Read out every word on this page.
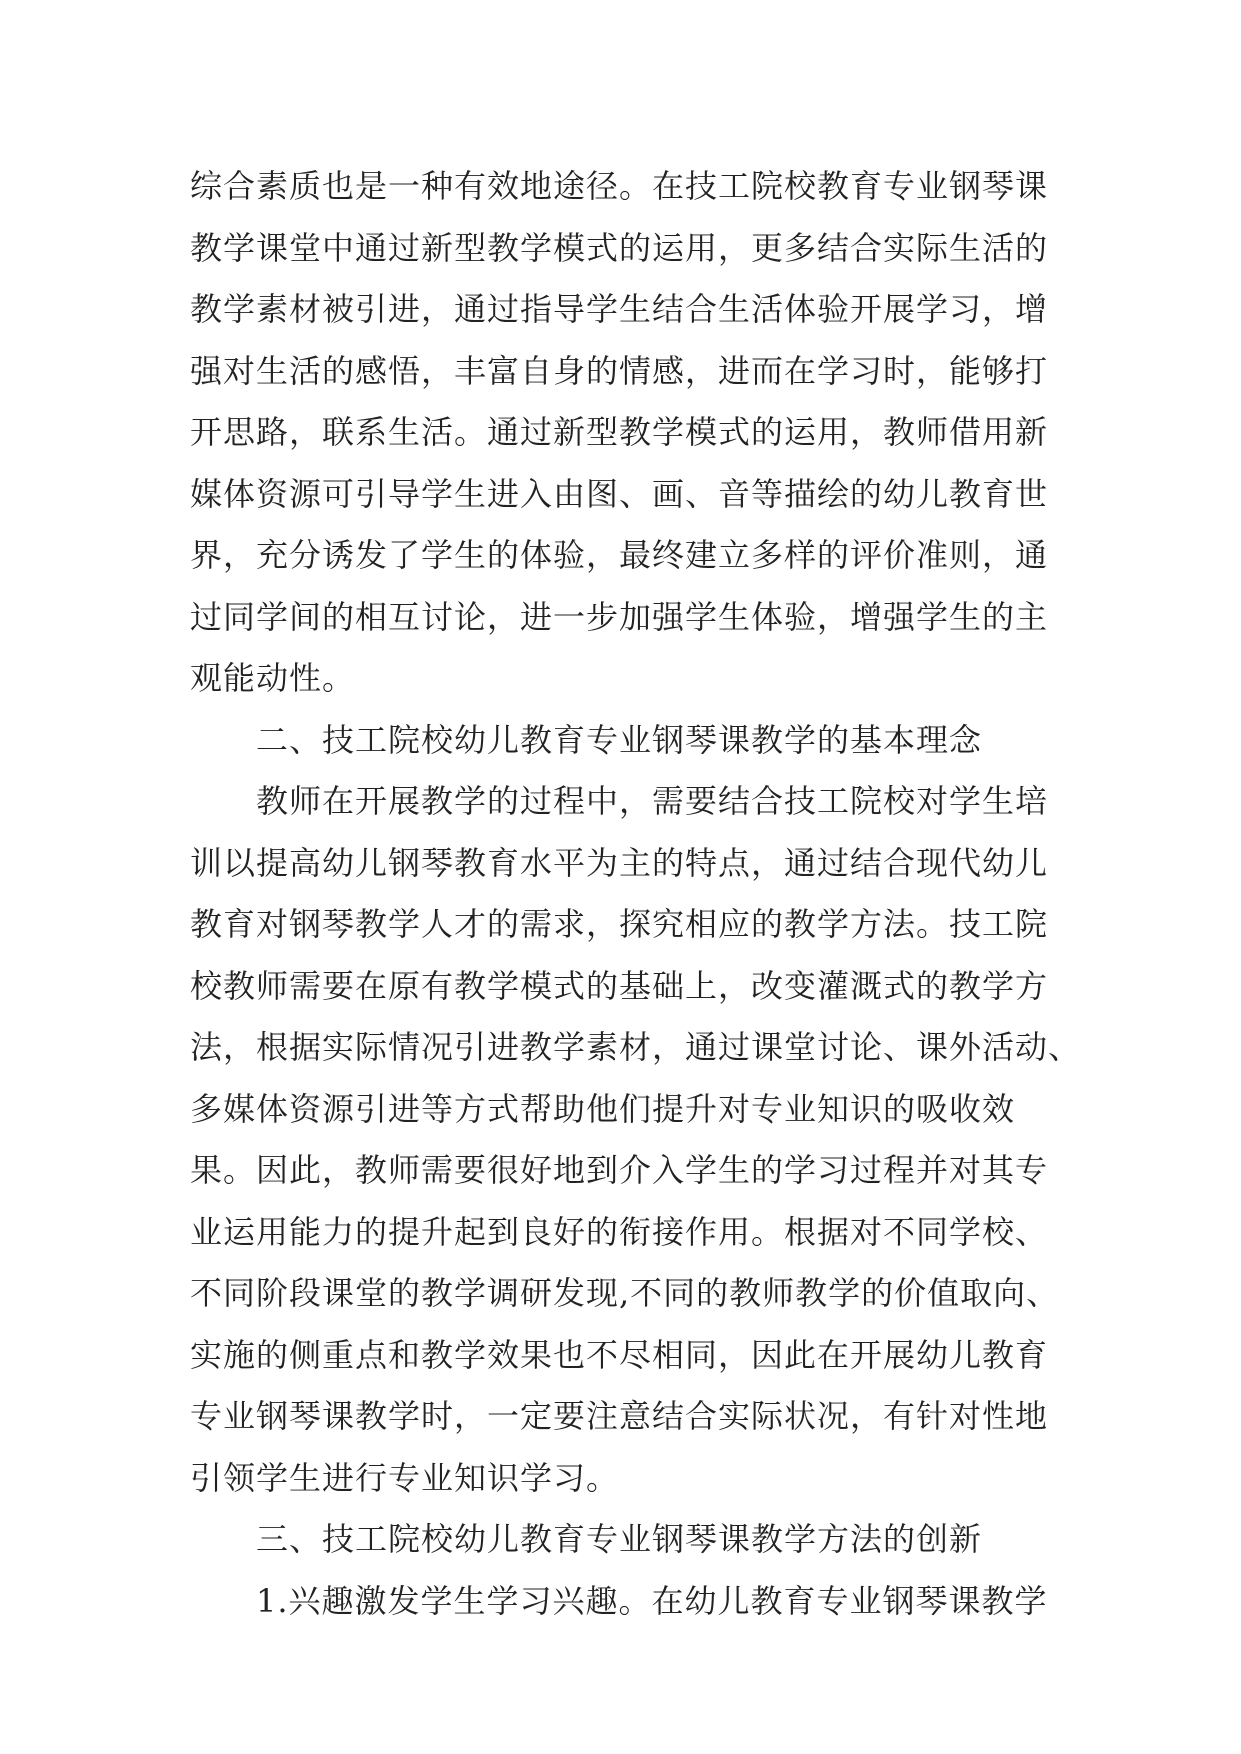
综合素质也是一种有效地途径。在技工院校教育专业钢琴课
教学课堂中通过新型教学模式的运用，更多结合实际生活的
教学素材被引进，通过指导学生结合生活体验开展学习，增
强对生活的感悟，丰富自身的情感，进而在学习时，能够打
开思路，联系生活。通过新型教学模式的运用，教师借用新
媒体资源可引导学生进入由图、画、音等描绘的幼儿教育世
界，充分诱发了学生的体验，最终建立多样的评价准则，通
过同学间的相互讨论，进一步加强学生体验，增强学生的主
观能动性。
二、技工院校幼儿教育专业钢琴课教学的基本理念
教师在开展教学的过程中，需要结合技工院校对学生培
训以提高幼儿钢琴教育水平为主的特点，通过结合现代幼儿
教育对钢琴教学人才的需求，探究相应的教学方法。技工院
校教师需要在原有教学模式的基础上，改变灌溉式的教学方
法，根据实际情况引进教学素材，通过课堂讨论、课外活动、
多媒体资源引进等方式帮助他们提升对专业知识的吸收效
果。因此，教师需要很好地到介入学生的学习过程并对其专
业运用能力的提升起到良好的衔接作用。根据对不同学校、
不同阶段课堂的教学调研发现,不同的教师教学的价值取向、
实施的侧重点和教学效果也不尽相同，因此在开展幼儿教育
专业钢琴课教学时，一定要注意结合实际状况，有针对性地
引领学生进行专业知识学习。
三、技工院校幼儿教育专业钢琴课教学方法的创新
1.兴趣激发学生学习兴趣。在幼儿教育专业钢琴课教学
